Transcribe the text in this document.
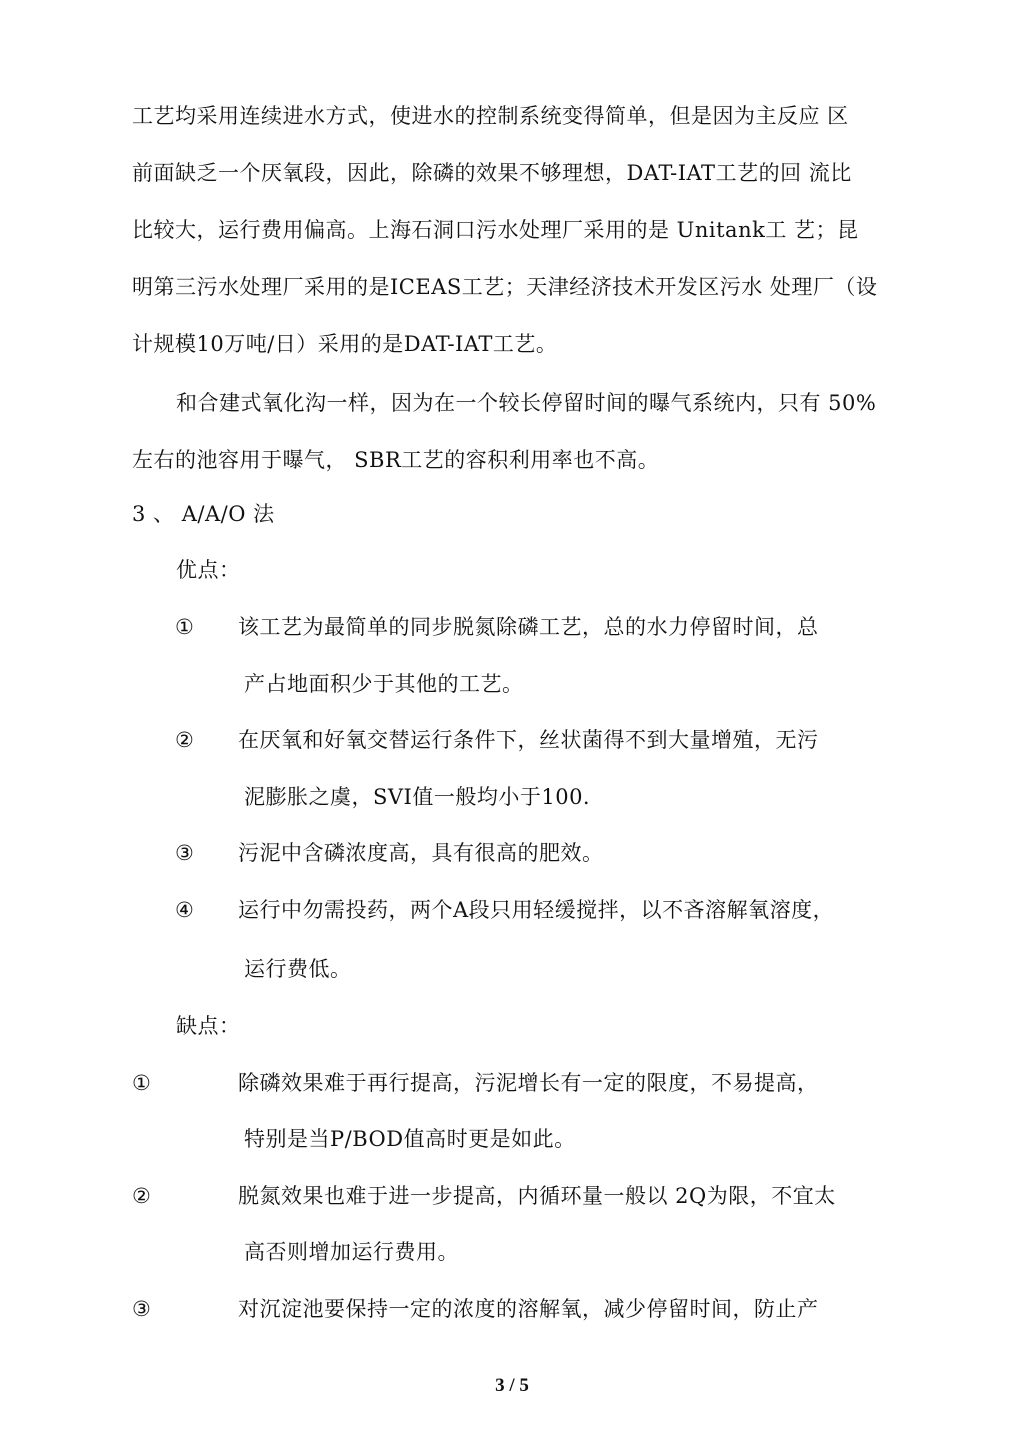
工艺均采用连续进水方式，使进水的控制系统变得简单，但是因为主反应 区
前面缺乏一个厌氧段，因此，除磷的效果不够理想，DAT-IAT工艺的回 流比
比较大，运行费用偏高。上海石洞口污水处理厂采用的是 Unitank工 艺；昆
明第三污水处理厂采用的是ICEAS工艺；天津经济技术开发区污水 处理厂（设
计规模10万吨/日）采用的是DAT-IAT工艺。
和合建式氧化沟一样，因为在一个较长停留时间的曝气系统内，只有 50%
左右的池容用于曝气， SBR工艺的容积利用率也不高。
3 、 A/A/O 法
优点：
① 该工艺为最简单的同步脱氮除磷工艺，总的水力停留时间，总
产占地面积少于其他的工艺。
② 在厌氧和好氧交替运行条件下，丝状菌得不到大量增殖，无污
泥膨胀之虞，SVI值一般均小于100.
③ 污泥中含磷浓度高，具有很高的肥效。
④ 运行中勿需投药，两个A段只用轻缓搅拌，以不吝溶解氧溶度，
运行费低。
缺点：
①	除磷效果难于再行提高，污泥增长有一定的限度，不易提高，
特别是当P/BOD值高时更是如此。
②	脱氮效果也难于进一步提高，内循环量一般以 2Q为限，不宜太
高否则增加运行费用。
③	对沉淀池要保持一定的浓度的溶解氧，减少停留时间，防止产
3 / 5
